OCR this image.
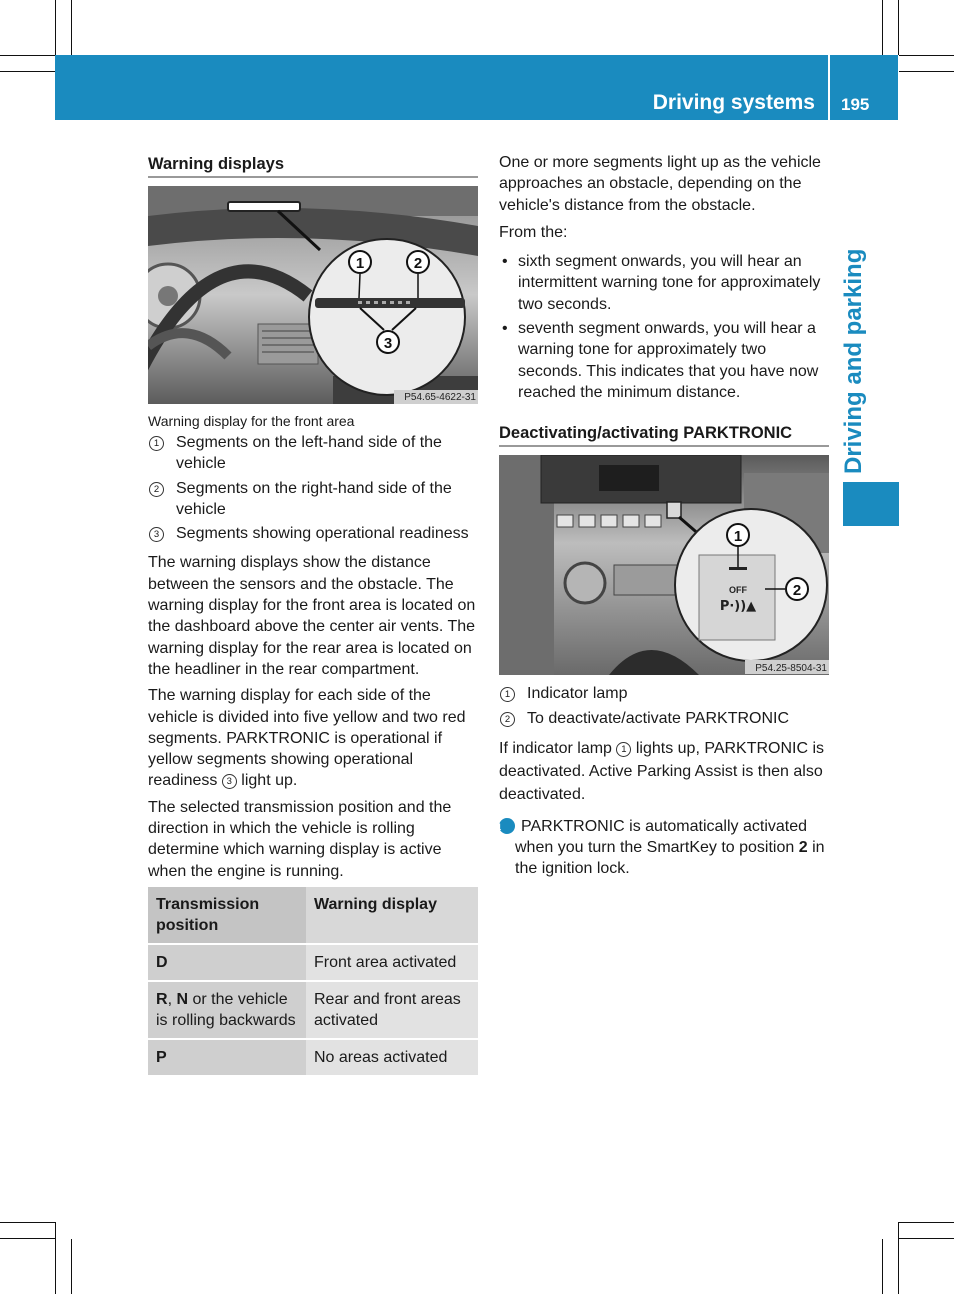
Driving systems 195
Driving and parking
Warning displays
1	2
3
P54.65-4622-31
Warning display for the front area
1	Segments on the left-hand side of the vehicle
2	Segments on the right-hand side of the vehicle
3	Segments showing operational readiness

The warning displays show the distance between the sensors and the obstacle. The warning display for the front area is located on the dashboard above the center air vents. The warning display for the rear area is located on the headliner in the rear compartment.

The warning display for each side of the vehicle is divided into five yellow and two red segments. PARKTRONIC is operational if yellow segments showing operational readiness 3 light up.

The selected transmission position and the direction in which the vehicle is rolling determine which warning display is active when the engine is running.

Transmission position	Warning display
D	Front area activated
R, N or the vehicle is rolling backwards	Rear and front areas activated
P	No areas activated

One or more segments light up as the vehicle approaches an obstacle, depending on the vehicle's distance from the obstacle.

From the:

• sixth segment onwards, you will hear an intermittent warning tone for approximately two seconds.
• seventh segment onwards, you will hear a warning tone for approximately two seconds. This indicates that you have now reached the minimum distance.
Deactivating/activating PARKTRONIC
OFF
P·))▲
1
2
P54.25-8504-31
1	Indicator lamp
2	To deactivate/activate PARKTRONIC

If indicator lamp 1 lights up, PARKTRONIC is deactivated. Active Parking Assist is then also deactivated.

i PARKTRONIC is automatically activated when you turn the SmartKey to position 2 in the ignition lock.
